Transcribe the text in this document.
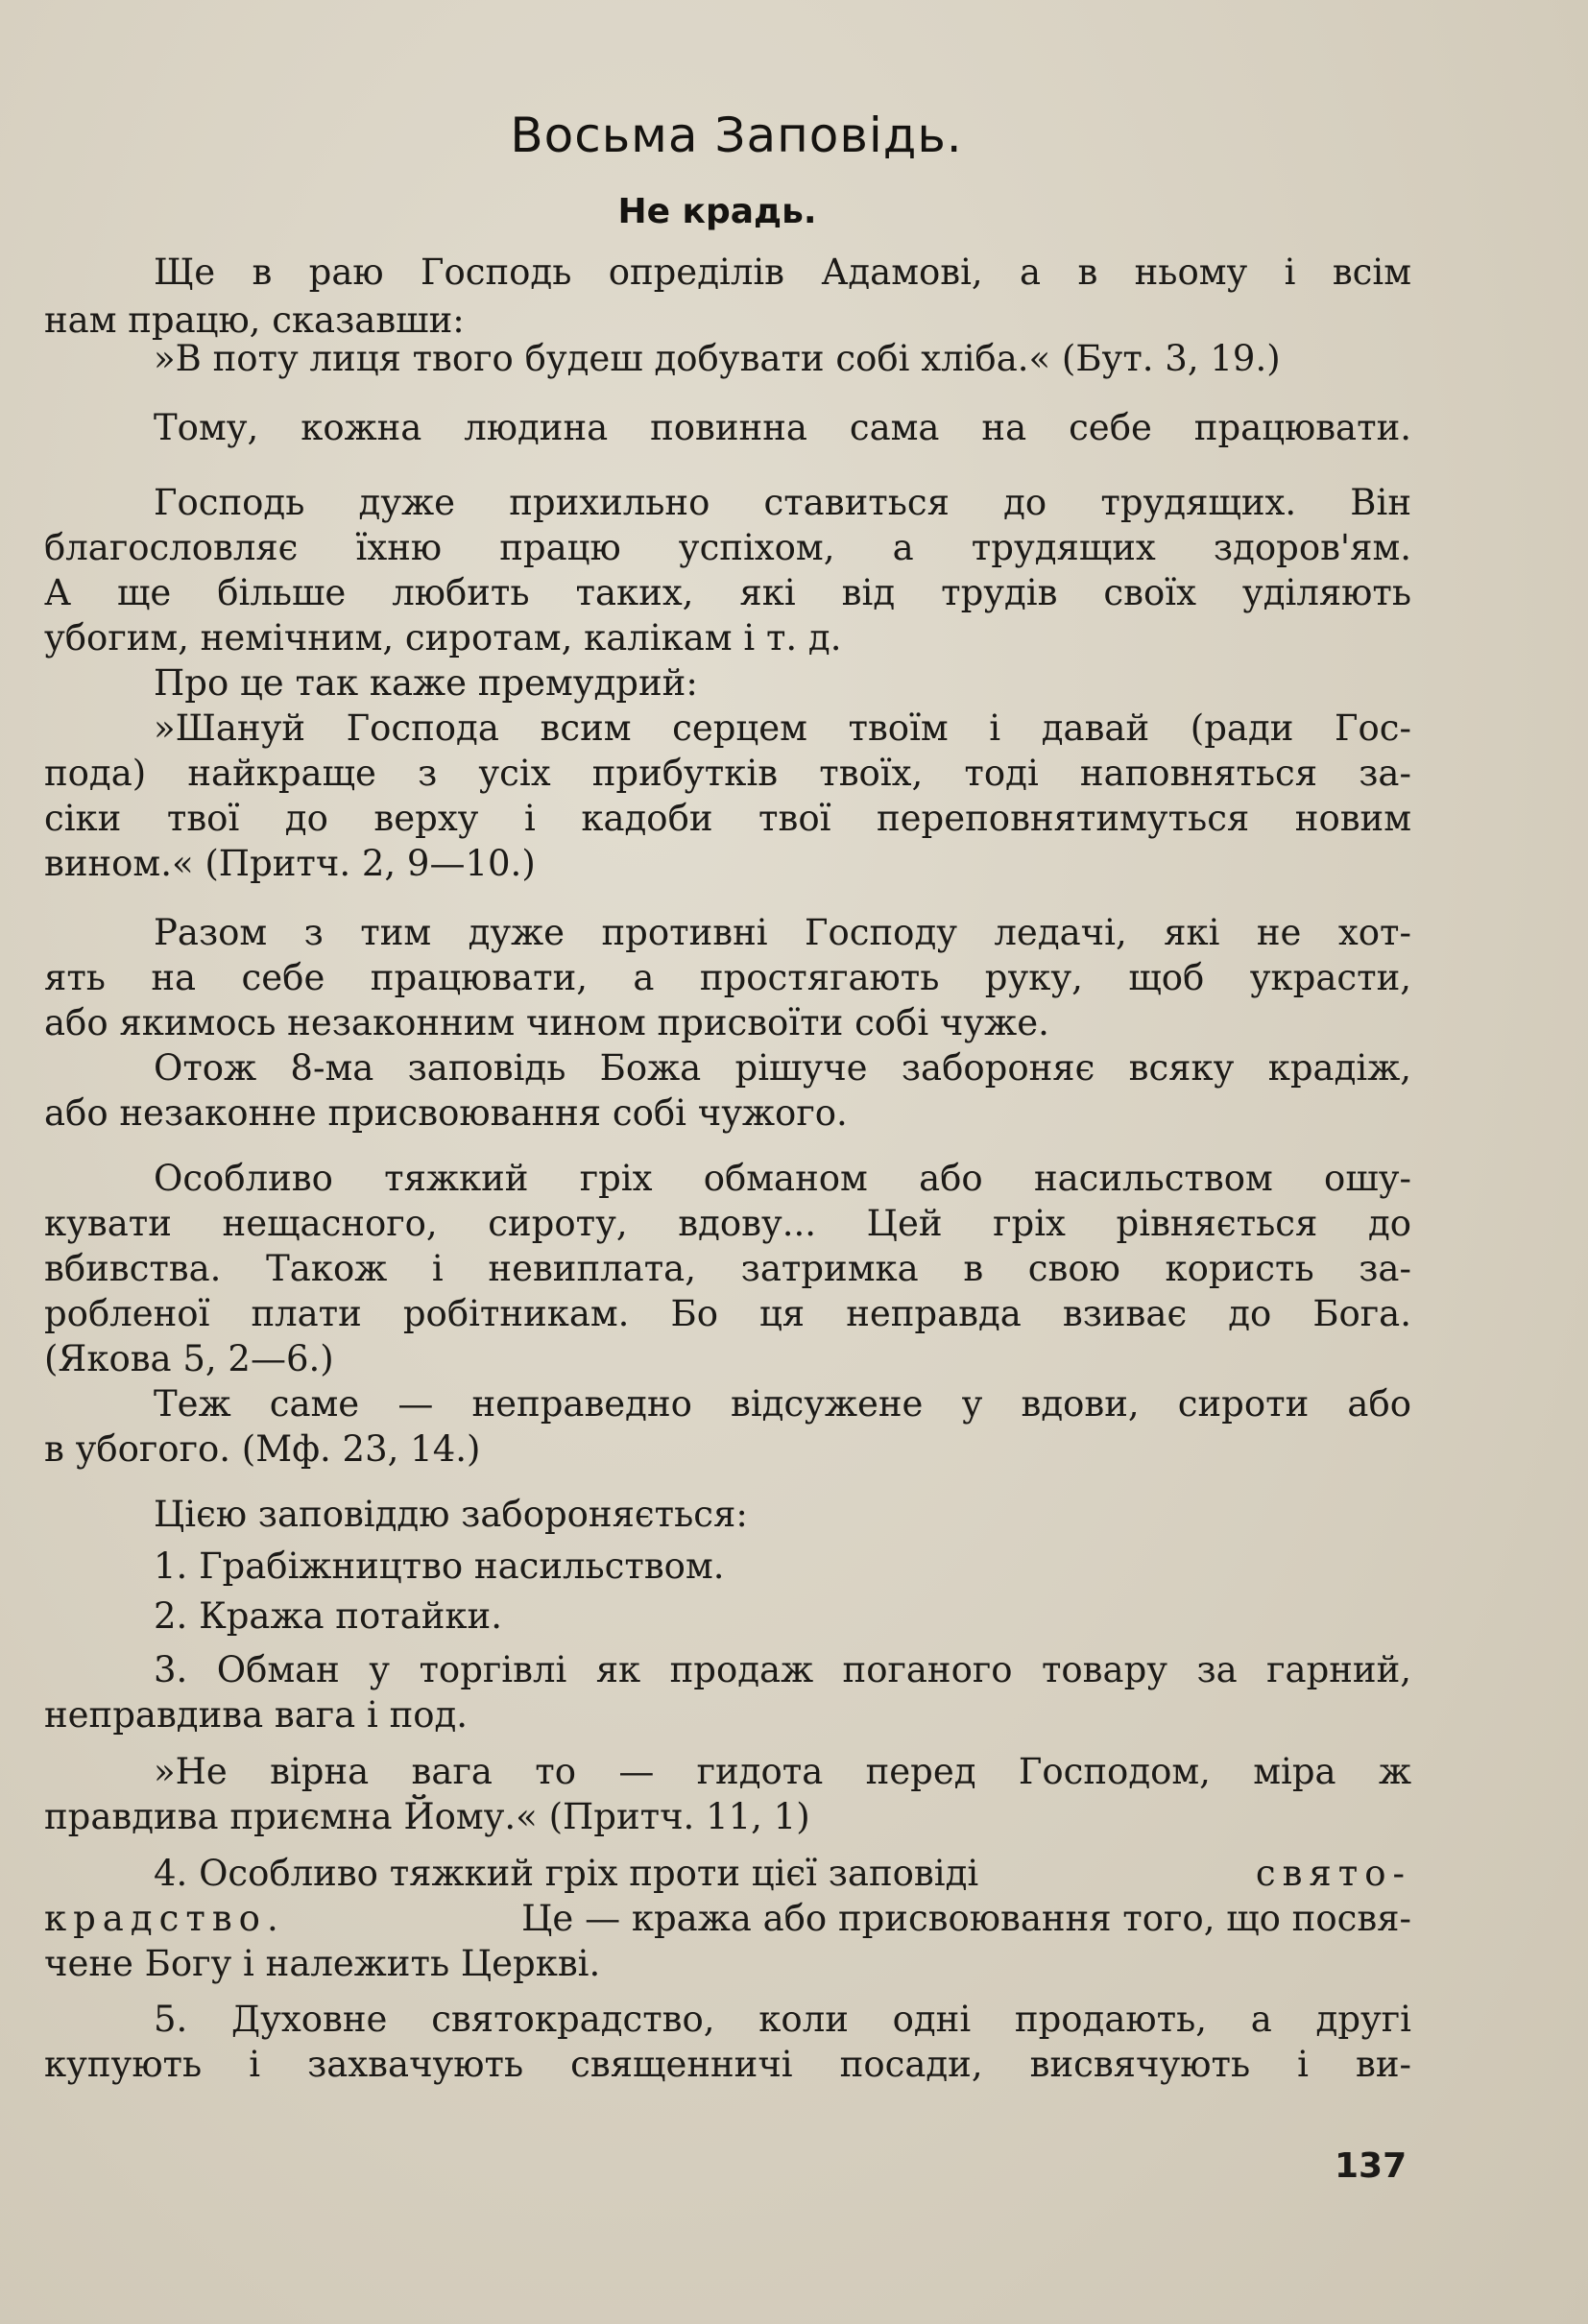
Восьма Заповідь.
Не крадь.
Ще в раю Господь опреділів Адамові, а в ньому і всім
нам працю, сказавши:
»В поту лиця твого будеш добувати собі хліба.« (Бут. 3, 19.)
Тому, кожна людина повинна сама на себе працювати.
Господь дуже прихильно ставиться до трудящих. Він
благословляє їхню працю успіхом, а трудящих здоров'ям.
А ще більше любить таких, які від трудів своїх уділяють
убогим, немічним, сиротам, калікам і т. д.
Про це так каже премудрий:
»Шануй Господа всим серцем твоїм і давай (ради Гос-
пода) найкраще з усіх прибутків твоїх, тоді наповняться за-
сіки твої до верху і кадоби твої переповнятимуться новим
вином.« (Притч. 2, 9—10.)
Разом з тим дуже противні Господу ледачі, які не хот-
ять на себе працювати, а простягають руку, щоб украсти,
або якимось незаконним чином присвоїти собі чуже.
Отож 8-ма заповідь Божа рішуче забороняє всяку крадіж,
або незаконне присвоювання собі чужого.
Особливо тяжкий гріх обманом або насильством ошу-
кувати нещасного, сироту, вдову... Цей гріх рівняється до
вбивства. Також і невиплата, затримка в свою користь за-
робленої плати робітникам. Бо ця неправда взиває до Бога.
(Якова 5, 2—6.)
Теж саме — неправедно відсужене у вдови, сироти або
в убогого. (Мф. 23, 14.)
Цією заповіддю забороняється:
1. Грабіжництво насильством.
2. Кража потайки.
3. Обман у торгівлі як продаж поганого товару за гарний,
неправдива вага і под.
»Не вірна вага то — гидота перед Господом, міра ж
правдива приємна Йому.« (Притч. 11, 1)
4. Особливо тяжкий гріх проти цієї заповіді	свято-
крадство.	Це — кража або присвоювання того, що посвя-
чене Богу і належить Церкві.
5. Духовне святокрадство, коли одні продають, а другі
купують і захвачують священничі посади, висвячують і ви-
137
